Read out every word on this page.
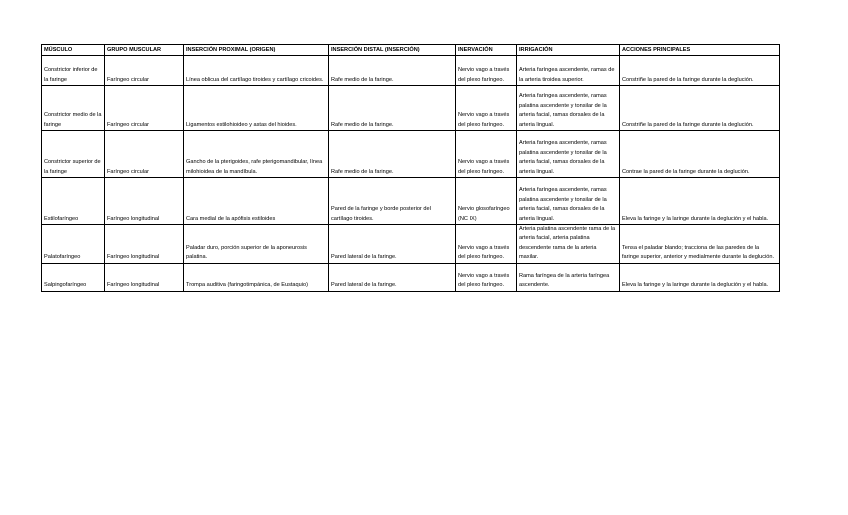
MÚSCULO	GRUPO MUSCULAR	INSERCIÓN PROXIMAL (ORIGEN)	INSERCIÓN DISTAL (INSERCIÓN)	INERVACIÓN	IRRIGACIÓN	ACCIONES PRINCIPALES
Constrictor inferior de la faringe	Faríngeo circular	Línea oblicua del cartílago tiroides y cartílago cricoides.	Rafe medio de la faringe.	Nervio vago a través del plexo faríngeo.	Arteria faríngea ascendente, ramas de la arteria tiroidea superior.	Constriñe la pared de la faringe durante la deglución.
Constrictor medio de la faringe	Faríngeo circular	Ligamentos estilohioideo y astas del hioides.	Rafe medio de la faringe.	Nervio vago a través del plexo faríngeo.	Arteria faríngea ascendente, ramas palatina ascendente y tonsilar de la arteria facial, ramas dorsales de la arteria lingual.	Constriñe la pared de la faringe durante la deglución.
Constrictor superior de la faringe	Faríngeo circular	Gancho de la pterigoides, rafe pterigomandibular, línea milohioidea de la mandíbula.	Rafe medio de la faringe.	Nervio vago a través del plexo faríngeo.	Arteria faríngea ascendente, ramas palatina ascendente y tonsilar de la arteria facial, ramas dorsales de la arteria lingual.	Contrae la pared de la faringe durante la deglución.
Estilofaríngeo	Faríngeo longitudinal	Cara medial de la apófisis estiloides	Pared de la faringe y borde posterior del cartílago tiroides.	Nervio glosofaríngeo (NC IX)	Arteria faríngea ascendente, ramas palatina ascendente y tonsilar de la arteria facial, ramas dorsales de la arteria lingual.	Eleva la faringe y la laringe durante la deglución y el habla.
Palatofaríngeo	Faríngeo longitudinal	Paladar duro, porción superior de la aponeurosis palatina.	Pared lateral de la faringe.	Nervio vago a través del plexo faríngeo.	Arteria palatina ascendente rama de la arteria facial, arteria palatina descendente rama de la arteria maxilar.	Tensa el paladar blando; tracciona de las paredes de la faringe superior, anterior y medialmente durante la deglución.
Salpingofaríngeo	Faríngeo longitudinal	Trompa auditiva (faringotimpánica, de Eustaquio)	Pared lateral de la faringe.	Nervio vago a través del plexo faríngeo.	Rama faríngea de la arteria faríngea ascendente.	Eleva la faringe y la laringe durante la deglución y el habla.
